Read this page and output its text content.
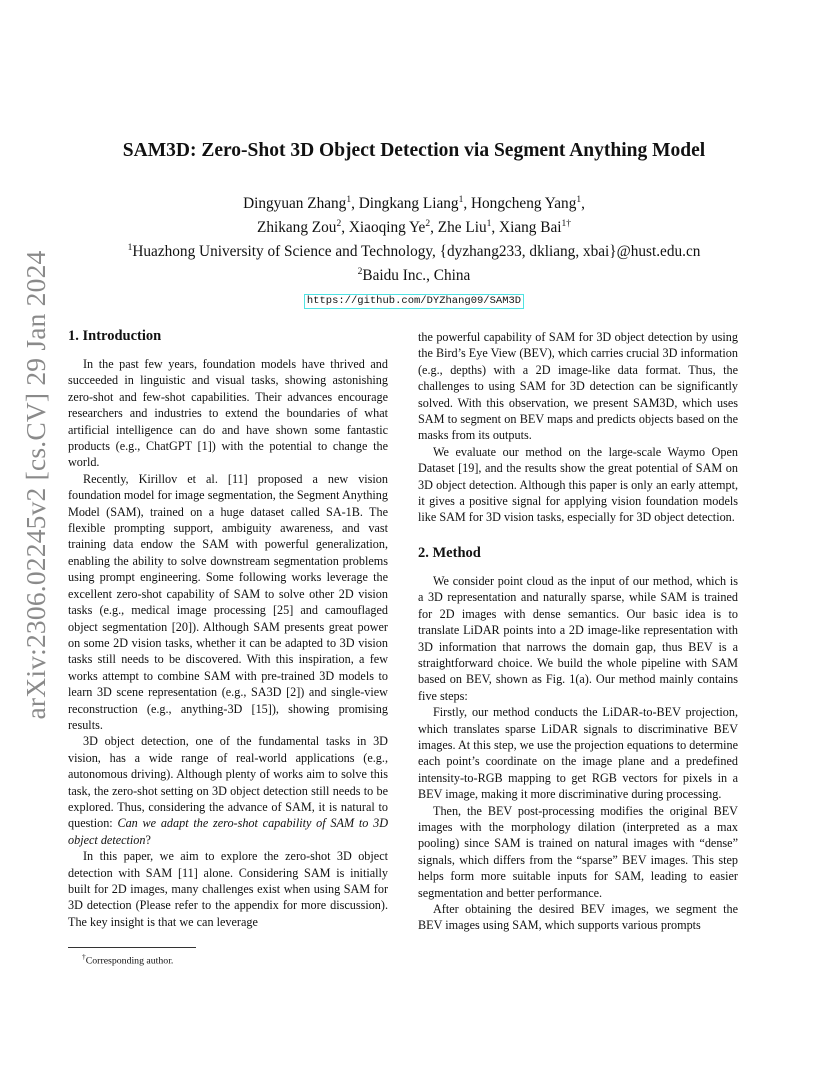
arXiv:2306.02245v2 [cs.CV] 29 Jan 2024
SAM3D: Zero-Shot 3D Object Detection via Segment Anything Model
Dingyuan Zhang$^1$, Dingkang Liang$^1$, Hongcheng Yang$^1$,
Zhikang Zou$^2$, Xiaoqing Ye$^2$, Zhe Liu$^1$, Xiang Bai$^{1\dagger}$
$^1$Huazhong University of Science and Technology, {dyzhang233, dkliang, xbai}@hust.edu.cn
$^2$Baidu Inc., China
https://github.com/DYZhang09/SAM3D
1. Introduction

In the past few years, foundation models have thrived and succeeded in linguistic and visual tasks, showing astonishing zero-shot and few-shot capabilities. Their advances encourage researchers and industries to extend the boundaries of what artificial intelligence can do and have shown some fantastic products (e.g., ChatGPT [1]) with the potential to change the world.

Recently, Kirillov et al. [11] proposed a new vision foundation model for image segmentation, the Segment Anything Model (SAM), trained on a huge dataset called SA-1B. The flexible prompting support, ambiguity awareness, and vast training data endow the SAM with powerful generalization, enabling the ability to solve downstream segmentation problems using prompt engineering. Some following works leverage the excellent zero-shot capability of SAM to solve other 2D vision tasks (e.g., medical image processing [25] and camouflaged object segmentation [20]). Although SAM presents great power on some 2D vision tasks, whether it can be adapted to 3D vision tasks still needs to be discovered. With this inspiration, a few works attempt to combine SAM with pre-trained 3D models to learn 3D scene representation (e.g., SA3D [2]) and single-view reconstruction (e.g., anything-3D [15]), showing promising results.

3D object detection, one of the fundamental tasks in 3D vision, has a wide range of real-world applications (e.g., autonomous driving). Although plenty of works aim to solve this task, the zero-shot setting on 3D object detection still needs to be explored. Thus, considering the advance of SAM, it is natural to question: Can we adapt the zero-shot capability of SAM to 3D object detection?

In this paper, we aim to explore the zero-shot 3D object detection with SAM [11] alone. Considering SAM is initially built for 2D images, many challenges exist when using SAM for 3D detection (Please refer to the appendix for more discussion). The key insight is that we can leverage

the powerful capability of SAM for 3D object detection by using the Bird’s Eye View (BEV), which carries crucial 3D information (e.g., depths) with a 2D image-like data format. Thus, the challenges to using SAM for 3D detection can be significantly solved. With this observation, we present SAM3D, which uses SAM to segment on BEV maps and predicts objects based on the masks from its outputs.

We evaluate our method on the large-scale Waymo Open Dataset [19], and the results show the great potential of SAM on 3D object detection. Although this paper is only an early attempt, it gives a positive signal for applying vision foundation models like SAM for 3D vision tasks, especially for 3D object detection.

2. Method

We consider point cloud as the input of our method, which is a 3D representation and naturally sparse, while SAM is trained for 2D images with dense semantics. Our basic idea is to translate LiDAR points into a 2D image-like representation with 3D information that narrows the domain gap, thus BEV is a straightforward choice. We build the whole pipeline with SAM based on BEV, shown as Fig. 1(a). Our method mainly contains five steps:

Firstly, our method conducts the LiDAR-to-BEV projection, which translates sparse LiDAR signals to discriminative BEV images. At this step, we use the projection equations to determine each point’s coordinate on the image plane and a predefined intensity-to-RGB mapping to get RGB vectors for pixels in a BEV image, making it more discriminative during processing.

Then, the BEV post-processing modifies the original BEV images with the morphology dilation (interpreted as a max pooling) since SAM is trained on natural images with “dense” signals, which differs from the “sparse” BEV images. This step helps form more suitable inputs for SAM, leading to easier segmentation and better performance.

After obtaining the desired BEV images, we segment the BEV images using SAM, which supports various prompts

†Corresponding author.
